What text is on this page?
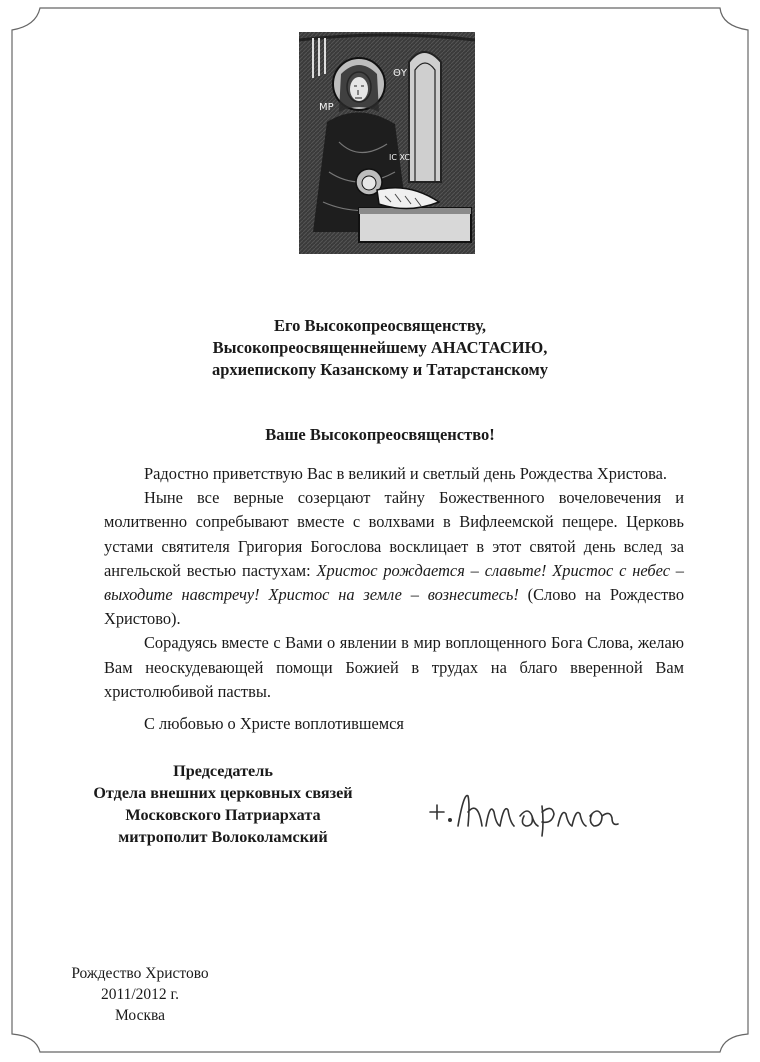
МР
ΘΥ
IC XC
Его Высокопреосвященству,
Высокопреосвященнейшему АНАСТАСИЮ,
архиепископу Казанскому и Татарстанскому
Ваше Высокопреосвященство!

Радостно приветствую Вас в великий и светлый день Рождества Христова.

Ныне все верные созерцают тайну Божественного вочеловечения и молитвенно сопребывают вместе с волхвами в Вифлеемской пещере. Церковь устами святителя Григория Богослова восклицает в этот святой день вслед за ангельской вестью пастухам: Христос рождается – славьте! Христос с небес – выходите навстречу! Христос на земле – вознеситесь! (Слово на Рождество Христово).

Сорадуясь вместе с Вами о явлении в мир воплощенного Бога Слова, желаю Вам неоскудевающей помощи Божией в трудах на благо вверенной Вам христолюбивой паствы.

С любовью о Христе воплотившемся

Председатель
Отдела внешних церковных связей
Московского Патриархата
митрополит Волоколамский
Рождество Христово
2011/2012 г.
Москва
